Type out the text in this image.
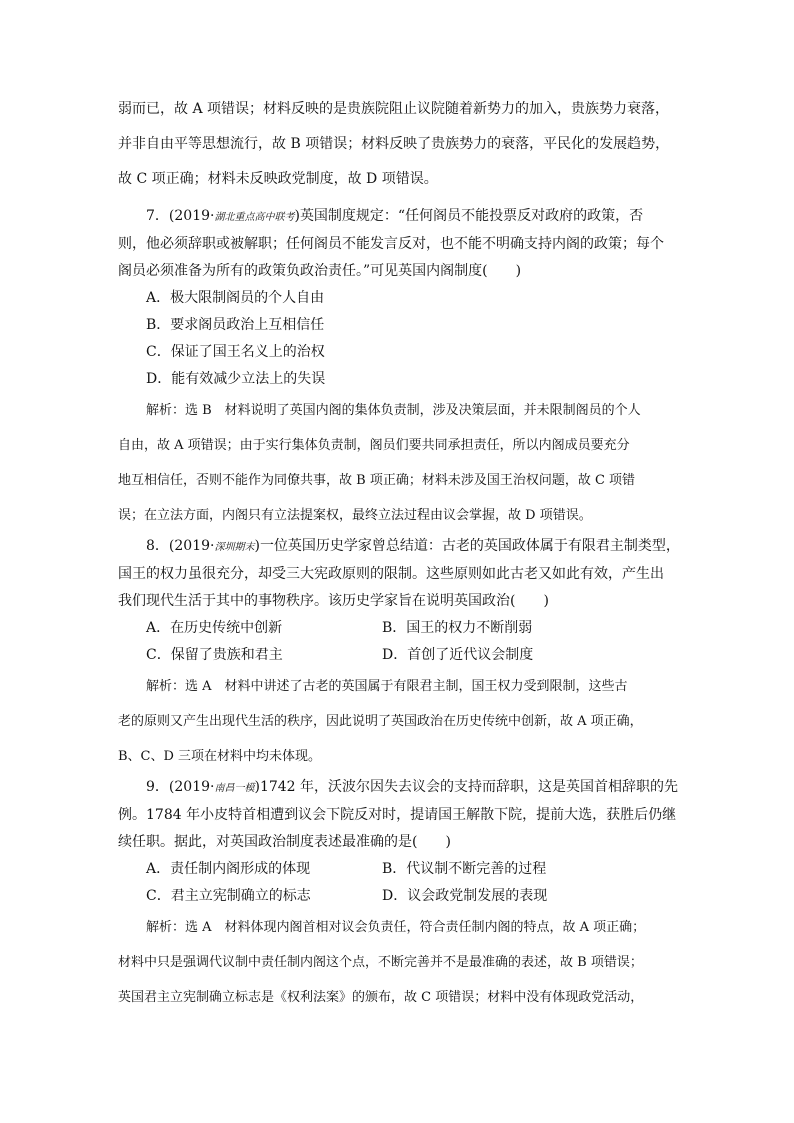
弱而已，故 A 项错误；材料反映的是贵族院阻止议院随着新势力的加入，贵族势力衰落，

并非自由平等思想流行，故 B 项错误；材料反映了贵族势力的衰落，平民化的发展趋势，

故 C 项正确；材料未反映政党制度，故 D 项错误。

7．(2019·湖北重点高中联考)英国制度规定：“任何阁员不能投票反对政府的政策，否

则，他必须辞职或被解职；任何阁员不能发言反对，也不能不明确支持内阁的政策；每个

阁员必须准备为所有的政策负政治责任。”可见英国内阁制度(　　)

A．极大限制阁员的个人自由

B．要求阁员政治上互相信任

C．保证了国王名义上的治权

D．能有效减少立法上的失误

解析：选 B　材料说明了英国内阁的集体负责制，涉及决策层面，并未限制阁员的个人

自由，故 A 项错误；由于实行集体负责制，阁员们要共同承担责任，所以内阁成员要充分

地互相信任，否则不能作为同僚共事，故 B 项正确；材料未涉及国王治权问题，故 C 项错

误；在立法方面，内阁只有立法提案权，最终立法过程由议会掌握，故 D 项错误。

8．(2019·深圳期末)一位英国历史学家曾总结道：古老的英国政体属于有限君主制类型，

国王的权力虽很充分，却受三大宪政原则的限制。这些原则如此古老又如此有效，产生出

我们现代生活于其中的事物秩序。该历史学家旨在说明英国政治(　　)

A．在历史传统中创新	B．国王的权力不断削弱

C．保留了贵族和君主	D．首创了近代议会制度

解析：选 A　材料中讲述了古老的英国属于有限君主制，国王权力受到限制，这些古

老的原则又产生出现代生活的秩序，因此说明了英国政治在历史传统中创新，故 A 项正确，

B、C、D 三项在材料中均未体现。

9．(2019·南昌一模)1742 年，沃波尔因失去议会的支持而辞职，这是英国首相辞职的先

例。1784 年小皮特首相遭到议会下院反对时，提请国王解散下院，提前大选，获胜后仍继

续任职。据此，对英国政治制度表述最准确的是(　　)

A．责任制内阁形成的体现	B．代议制不断完善的过程

C．君主立宪制确立的标志	D．议会政党制发展的表现

解析：选 A　材料体现内阁首相对议会负责任，符合责任制内阁的特点，故 A 项正确；

材料中只是强调代议制中责任制内阁这个点，不断完善并不是最准确的表述，故 B 项错误；

英国君主立宪制确立标志是《权利法案》的颁布，故 C 项错误；材料中没有体现政党活动，
